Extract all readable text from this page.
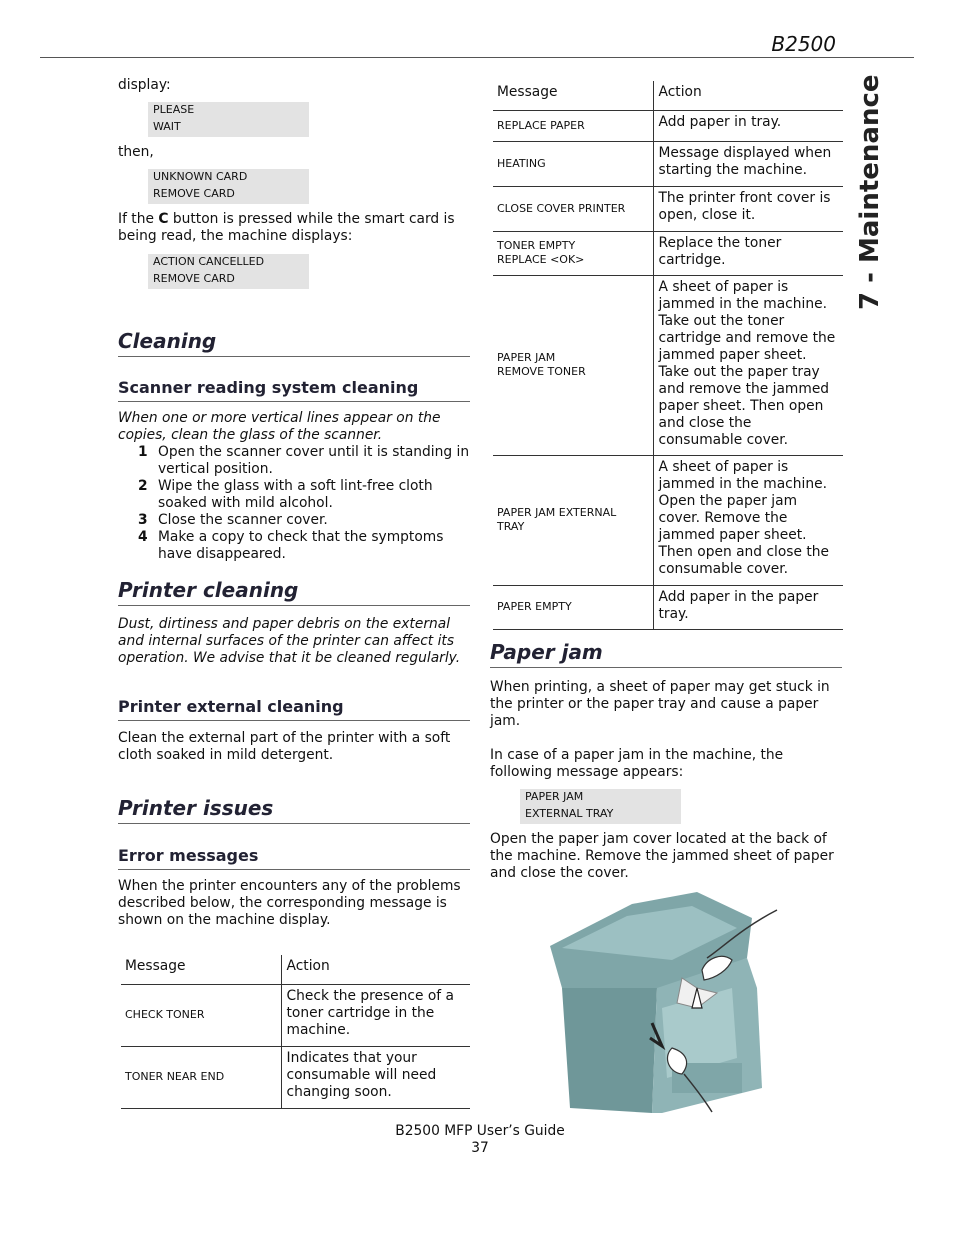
B2500
7 - Maintenance
display:
PLEASE
WAIT
then,
UNKNOWN CARD
REMOVE CARD
If the C button is pressed while the smart card is being read, the machine displays:
ACTION CANCELLED
REMOVE CARD
Cleaning
Scanner reading system cleaning
When one or more vertical lines appear on the copies, clean the glass of the scanner.
1 Open the scanner cover until it is standing in vertical position.
2 Wipe the glass with a soft lint-free cloth soaked with mild alcohol.
3 Close the scanner cover.
4 Make a copy to check that the symptoms have disappeared.
Printer cleaning
Dust, dirtiness and paper debris on the external and internal surfaces of the printer can affect its operation. We advise that it be cleaned regularly.
Printer external cleaning
Clean the external part of the printer with a soft cloth soaked in mild detergent.
Printer issues
Error messages
When the printer encounters any of the problems described below, the corresponding message is shown on the machine display.
Message	Action

CHECK TONER	Check the presence of a toner cartridge in the machine.

TONER NEAR END	Indicates that your consumable will need changing soon.
Message	Action

REPLACE PAPER	Add paper in tray.

HEATING	Message displayed when starting the machine.

CLOSE COVER PRINTER	The printer front cover is open, close it.

TONER EMPTY
REPLACE <OK>	Replace the toner cartridge.

PAPER JAM
REMOVE TONER	A sheet of paper is jammed in the machine. Take out the toner cartridge and remove the jammed paper sheet. Take out the paper tray and remove the jammed paper sheet. Then open and close the consumable cover.

PAPER JAM EXTERNAL
TRAY	A sheet of paper is jammed in the machine. Open the paper jam cover. Remove the jammed paper sheet. Then open and close the consumable cover.

PAPER EMPTY	Add paper in the paper tray.
Paper jam
When printing, a sheet of paper may get stuck in the printer or the paper tray and cause a paper jam.
In case of a paper jam in the machine, the following message appears:
PAPER JAM
EXTERNAL TRAY
Open the paper jam cover located at the back of the machine. Remove the jammed sheet of paper and close the cover.
B2500 MFP User’s Guide
37
